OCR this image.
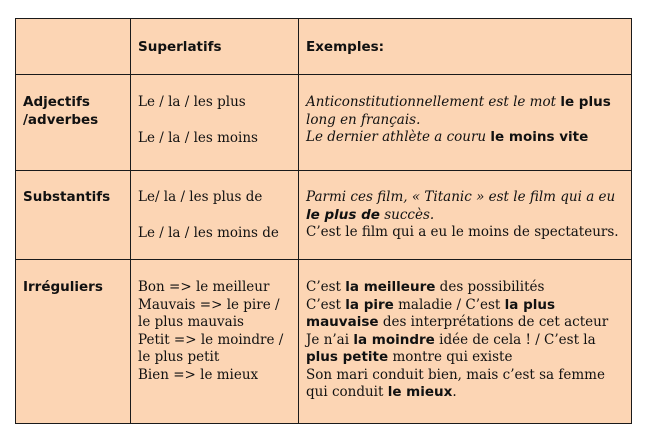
Superlatifs	Exemples:
Adjectifs
/adverbes
Le / la / les plus
Le / la / les moins
Anticonstitutionnellement est le mot le plus
long en français.
Le dernier athlète a couru le moins vite
Substantifs Le/ la / les plus de
Le / la / les moins de
Parmi ces film, « Titanic » est le film qui a eu
le plus de succès.
C’est le film qui a eu le moins de spectateurs.
Irréguliers	Bon => le meilleur
Mauvais => le pire /
le plus mauvais
Petit => le moindre /
le plus petit
Bien => le mieux
C’est la meilleure des possibilités
C’est la pire maladie / C’est la plus
mauvaise des interprétations de cet acteur
Je n’ai la moindre idée de cela ! / C’est la
plus petite montre qui existe
Son mari conduit bien, mais c’est sa femme
qui conduit le mieux.
